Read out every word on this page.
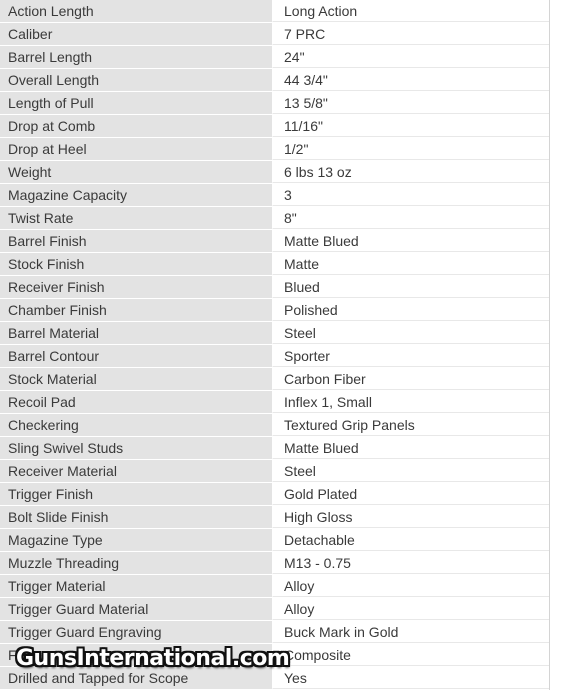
Action Length	Long Action
Caliber	7 PRC
Barrel Length	24"
Overall Length	44 3/4"
Length of Pull	13 5/8"
Drop at Comb	11/16"
Drop at Heel	1/2"
Weight	6 lbs 13 oz
Magazine Capacity	3
Twist Rate	8"
Barrel Finish	Matte Blued
Stock Finish	Matte
Receiver Finish	Blued
Chamber Finish	Polished
Barrel Material	Steel
Barrel Contour	Sporter
Stock Material	Carbon Fiber
Recoil Pad	Inflex 1, Small
Checkering	Textured Grip Panels
Sling Swivel Studs	Matte Blued
Receiver Material	Steel
Trigger Finish	Gold Plated
Bolt Slide Finish	High Gloss
Magazine Type	Detachable
Muzzle Threading	M13 - 0.75
Trigger Material	Alloy
Trigger Guard Material	Alloy
Trigger Guard Engraving	Buck Mark in Gold
F	Composite
Drilled and Tapped for Scope	Yes
GunsInternational.com
